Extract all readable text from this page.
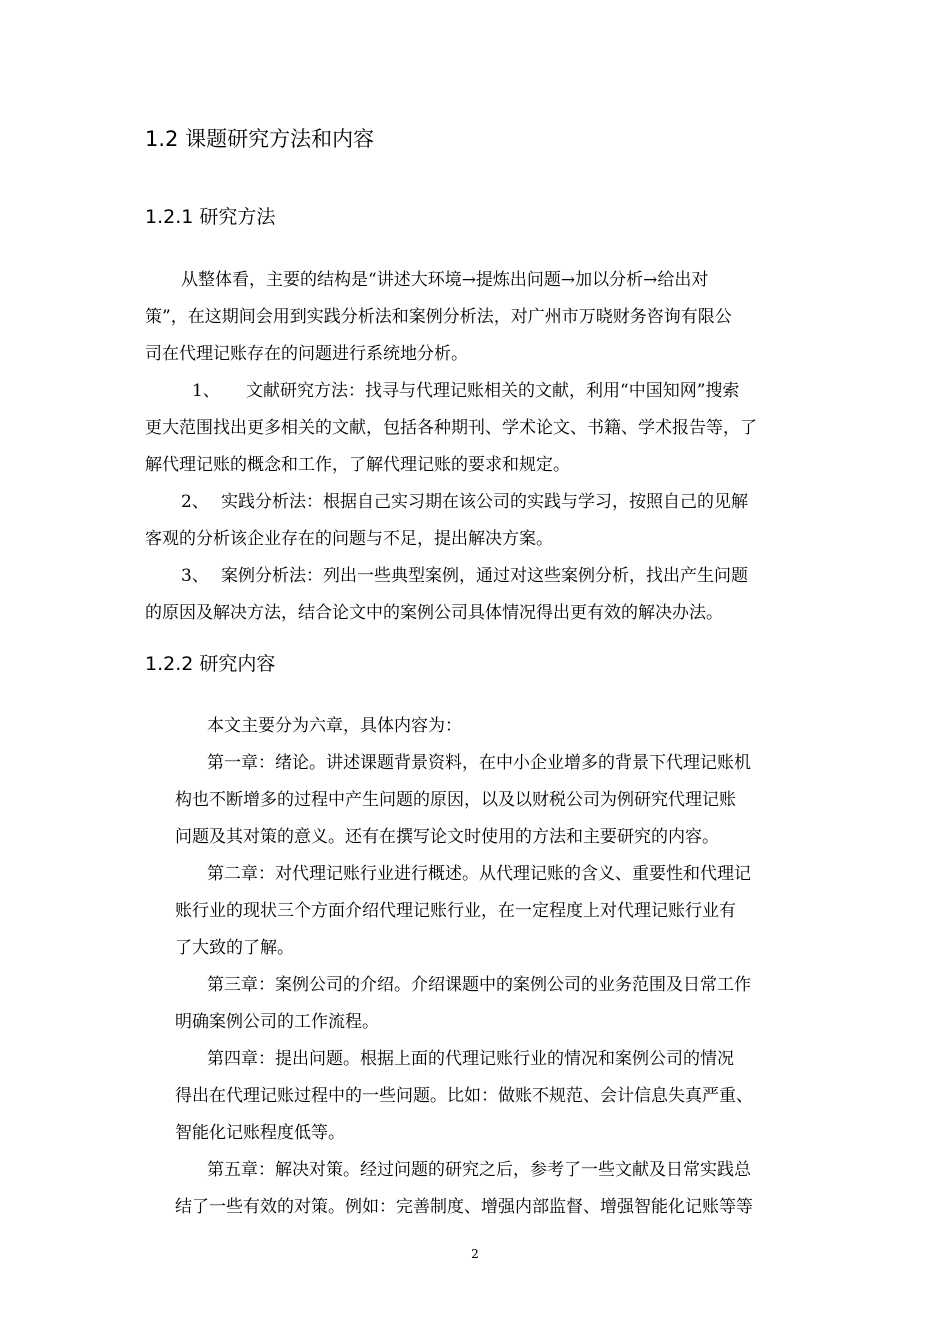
1.2 课题研究方法和内容
1.2.1 研究方法
从整体看，主要的结构是“讲述大环境→提炼出问题→加以分析→给出对
策”，在这期间会用到实践分析法和案例分析法，对广州市万晓财务咨询有限公
司在代理记账存在的问题进行系统地分析。
1、 文献研究方法：找寻与代理记账相关的文献，利用“中国知网”搜索
更大范围找出更多相关的文献，包括各种期刊、学术论文、书籍、学术报告等，了
解代理记账的概念和工作，了解代理记账的要求和规定。
2、 实践分析法：根据自己实习期在该公司的实践与学习，按照自己的见解
客观的分析该企业存在的问题与不足，提出解决方案。
3、 案例分析法：列出一些典型案例，通过对这些案例分析，找出产生问题
的原因及解决方法，结合论文中的案例公司具体情况得出更有效的解决办法。
1.2.2 研究内容
本文主要分为六章，具体内容为：
第一章：绪论。讲述课题背景资料，在中小企业增多的背景下代理记账机
构也不断增多的过程中产生问题的原因，以及以财税公司为例研究代理记账
问题及其对策的意义。还有在撰写论文时使用的方法和主要研究的内容。
第二章：对代理记账行业进行概述。从代理记账的含义、重要性和代理记
账行业的现状三个方面介绍代理记账行业，在一定程度上对代理记账行业有
了大致的了解。
第三章：案例公司的介绍。介绍课题中的案例公司的业务范围及日常工作
明确案例公司的工作流程。
第四章：提出问题。根据上面的代理记账行业的情况和案例公司的情况
得出在代理记账过程中的一些问题。比如：做账不规范、会计信息失真严重、
智能化记账程度低等。
第五章：解决对策。经过问题的研究之后，参考了一些文献及日常实践总
结了一些有效的对策。例如：完善制度、增强内部监督、增强智能化记账等等
2
